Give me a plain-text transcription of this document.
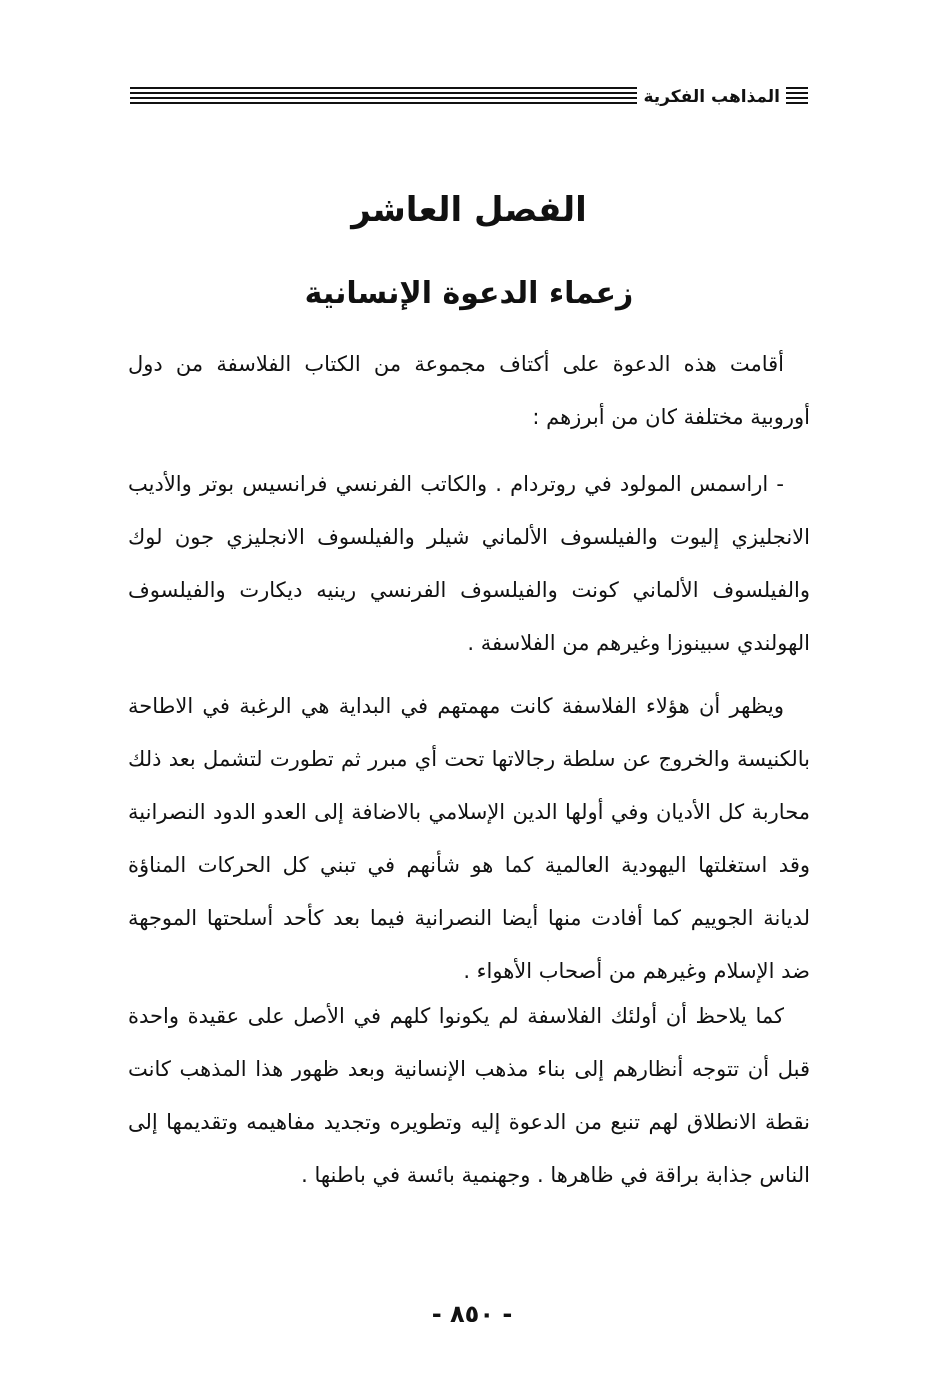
المذاهب الفكرية
الفصل العاشر
زعماء الدعوة الإنسانية

أقامت هذه الدعوة على أكتاف مجموعة من الكتاب الفلاسفة من دول أوروبية مختلفة كان من أبرزهم :

- اراسمس المولود في روتردام . والكاتب الفرنسي فرانسيس بوتر والأديب الانجليزي إليوت والفيلسوف الألماني شيلر والفيلسوف الانجليزي جون لوك والفيلسوف الألماني كونت والفيلسوف الفرنسي رينيه ديكارت والفيلسوف الهولندي سبينوزا وغيرهم من الفلاسفة .

ويظهر أن هؤلاء الفلاسفة كانت مهمتهم في البداية هي الرغبة في الاطاحة بالكنيسة والخروج عن سلطة رجالاتها تحت أي مبرر ثم تطورت لتشمل بعد ذلك محاربة كل الأديان وفي أولها الدين الإسلامي بالاضافة إلى العدو الدود النصرانية وقد استغلتها اليهودية العالمية كما هو شأنهم في تبني كل الحركات المناؤة لديانة الجوييم كما أفادت منها أيضا النصرانية فيما بعد كأحد أسلحتها الموجهة ضد الإسلام وغيرهم من أصحاب الأهواء .

كما يلاحظ أن أولئك الفلاسفة لم يكونوا كلهم في الأصل على عقيدة واحدة قبل أن تتوجه أنظارهم إلى بناء مذهب الإنسانية وبعد ظهور هذا المذهب كانت نقطة الانطلاق لهم تنبع من الدعوة إليه وتطويره وتجديد مفاهيمه وتقديمها إلى الناس جذابة براقة في ظاهرها . وجهنمية بائسة في باطنها .

- ٨٥٠ -
